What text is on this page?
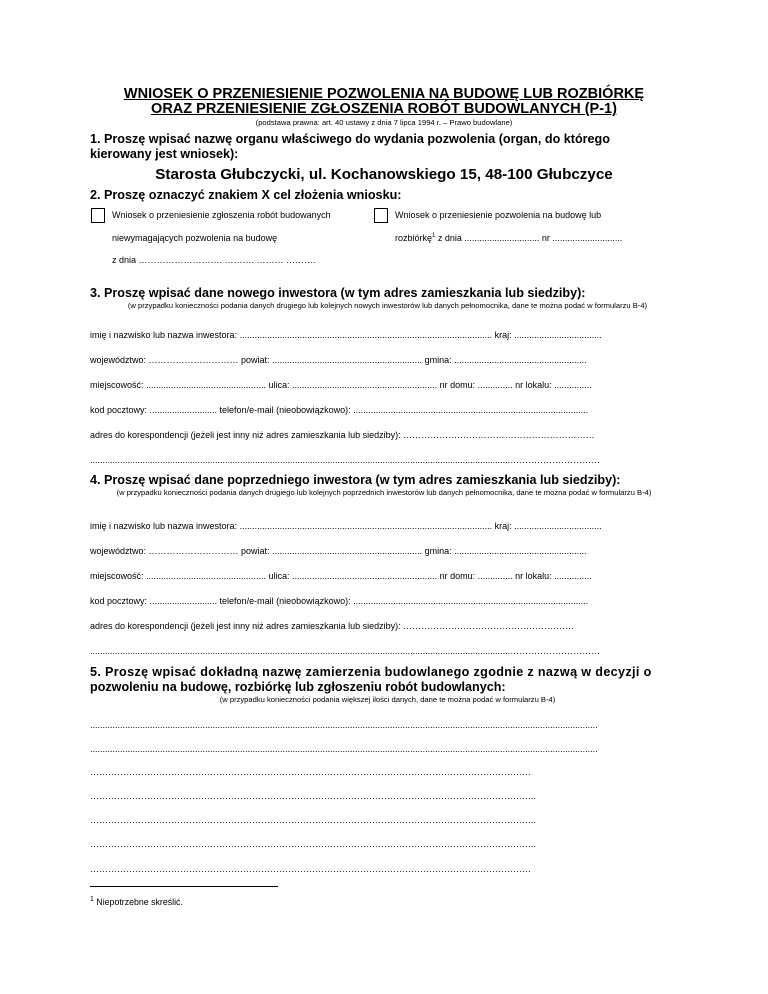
WNIOSEK O PRZENIESIENIE POZWOLENIA NA BUDOWĘ LUB ROZBIÓRKĘ
ORAZ PRZENIESIENIE ZGŁOSZENIA ROBÓT BUDOWLANYCH (P-1)
(podstawa prawna: art. 40 ustawy z dnia 7 lipca 1994 r. – Prawo budowlane)
1. Proszę wpisać nazwę organu właściwego do wydania pozwolenia (organ, do którego
kierowany jest wniosek):
Starosta Głubczycki, ul. Kochanowskiego 15, 48-100 Głubczyce
2. Proszę oznaczyć znakiem X cel złożenia wniosku:
Wniosek o przeniesienie zgłoszenia robót budowanych
niewymagających pozwolenia na budowę
z dnia ………………………. ………. ……… ……….
Wniosek o przeniesienie pozwolenia na budowę lub
rozbiórkę$^1$ z dnia .............................. nr ............................
3. Proszę wpisać dane nowego inwestora (w tym adres zamieszkania lub siedziby):
(w przypadku konieczności podania danych drugiego lub kolejnych nowych inwestorów lub danych pełnomocnika, dane te można podać w formularzu B-4)
imię i nazwisko lub nazwa inwestora: ..................................................................................................... kraj: ...................................
województwo: ………………………… powiat: ............................................................ gmina: .....................................................
miejscowość: ................................................ ulica: .......................................................... nr domu: .............. nr lokalu: ...............
kod pocztowy: ........................... telefon/e-mail (nieobowiązkowo): ..............................................................................................
adres do korespondencji (jeżeli jest inny niż adres zamieszkania lub siedziby): …………………….…………………………………
........................................................................................................................................................................…………………………
4. Proszę wpisać dane poprzedniego inwestora (w tym adres zamieszkania lub siedziby):
(w przypadku konieczności podania danych drugiego lub kolejnych poprzednich inwestorów lub danych pełnomocnika, dane te można podać w formularzu B-4)
imię i nazwisko lub nazwa inwestora: ..................................................................................................... kraj: ...................................
województwo: ………………………… powiat: ............................................................ gmina: .....................................................
miejscowość: ................................................ ulica: .......................................................... nr domu: .............. nr lokalu: ...............
kod pocztowy: ........................... telefon/e-mail (nieobowiązkowo): ..............................................................................................
adres do korespondencji (jeżeli jest inny niż adres zamieszkania lub siedziby): …………………………………………………
........................................................................................................................................................................…………………………
5. Proszę wpisać dokładną nazwę zamierzenia budowlanego zgodnie z nazwą w decyzji o
pozwoleniu na budowę, rozbiórkę lub zgłoszeniu robót budowlanych:
(w przypadku konieczności podania większej ilości danych, dane te można podać w formularzu B-4)
...........................................................................................................................................................................................................
...........................................................................................................................................................................................................
…………………………………………………………………………………………………………………………………
…………………………………………………………………………………………………………………………………..
…………………………………………………………………………………………………………………………………..
…………………………………………………………………………………………………………………………………..
…………………………………………………………………………………………………………………………………
$^1$ Niepotrzebne skreślić.
